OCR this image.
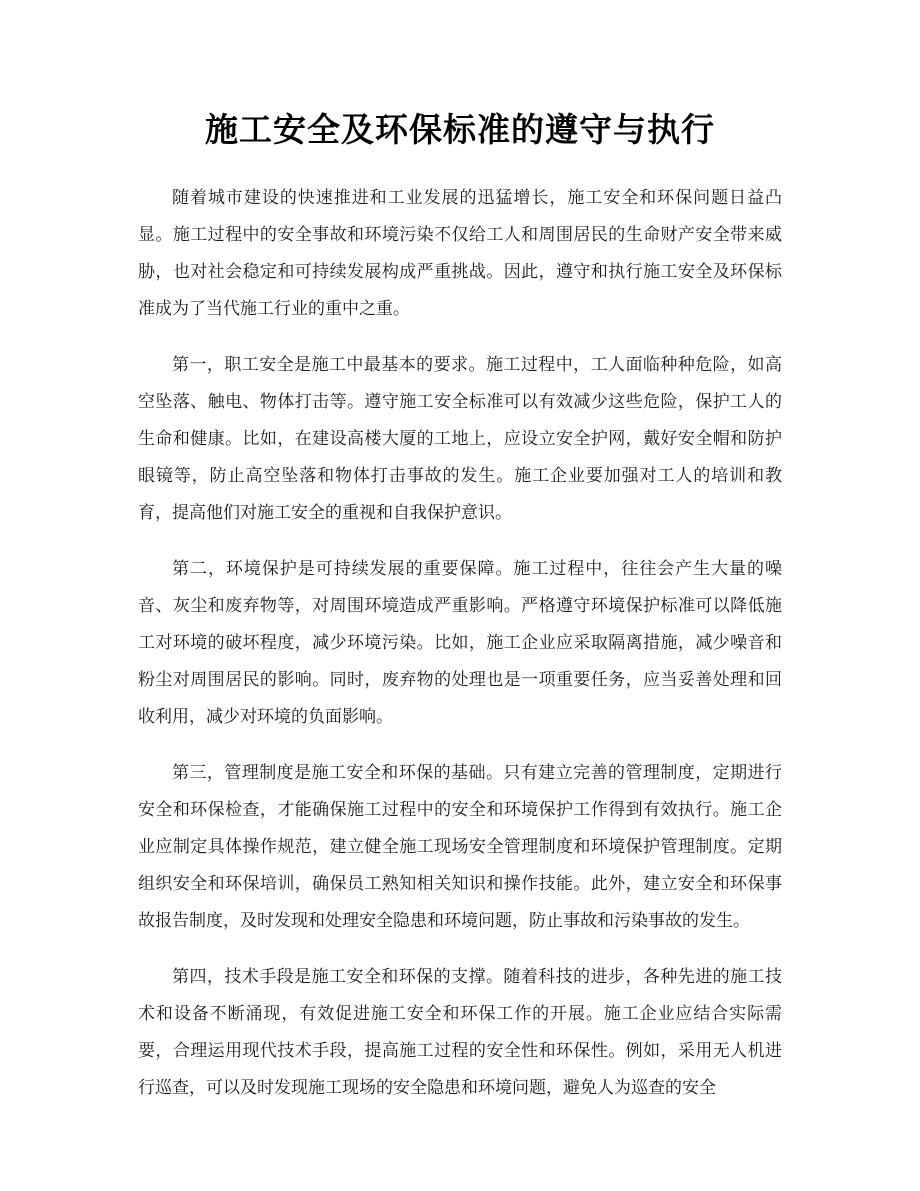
施工安全及环保标准的遵守与执行

随着城市建设的快速推进和工业发展的迅猛增长，施工安全和环保问题日益凸显。施工过程中的安全事故和环境污染不仅给工人和周围居民的生命财产安全带来威胁，也对社会稳定和可持续发展构成严重挑战。因此，遵守和执行施工安全及环保标准成为了当代施工行业的重中之重。

第一，职工安全是施工中最基本的要求。施工过程中，工人面临种种危险，如高空坠落、触电、物体打击等。遵守施工安全标准可以有效减少这些危险，保护工人的生命和健康。比如，在建设高楼大厦的工地上，应设立安全护网，戴好安全帽和防护眼镜等，防止高空坠落和物体打击事故的发生。施工企业要加强对工人的培训和教育，提高他们对施工安全的重视和自我保护意识。

第二，环境保护是可持续发展的重要保障。施工过程中，往往会产生大量的噪音、灰尘和废弃物等，对周围环境造成严重影响。严格遵守环境保护标准可以降低施工对环境的破坏程度，减少环境污染。比如，施工企业应采取隔离措施，减少噪音和粉尘对周围居民的影响。同时，废弃物的处理也是一项重要任务，应当妥善处理和回收利用，减少对环境的负面影响。

第三，管理制度是施工安全和环保的基础。只有建立完善的管理制度，定期进行安全和环保检查，才能确保施工过程中的安全和环境保护工作得到有效执行。施工企业应制定具体操作规范，建立健全施工现场安全管理制度和环境保护管理制度。定期组织安全和环保培训，确保员工熟知相关知识和操作技能。此外，建立安全和环保事故报告制度，及时发现和处理安全隐患和环境问题，防止事故和污染事故的发生。

第四，技术手段是施工安全和环保的支撑。随着科技的进步，各种先进的施工技术和设备不断涌现，有效促进施工安全和环保工作的开展。施工企业应结合实际需要，合理运用现代技术手段，提高施工过程的安全性和环保性。例如，采用无人机进行巡查，可以及时发现施工现场的安全隐患和环境问题，避免人为巡查的安全
